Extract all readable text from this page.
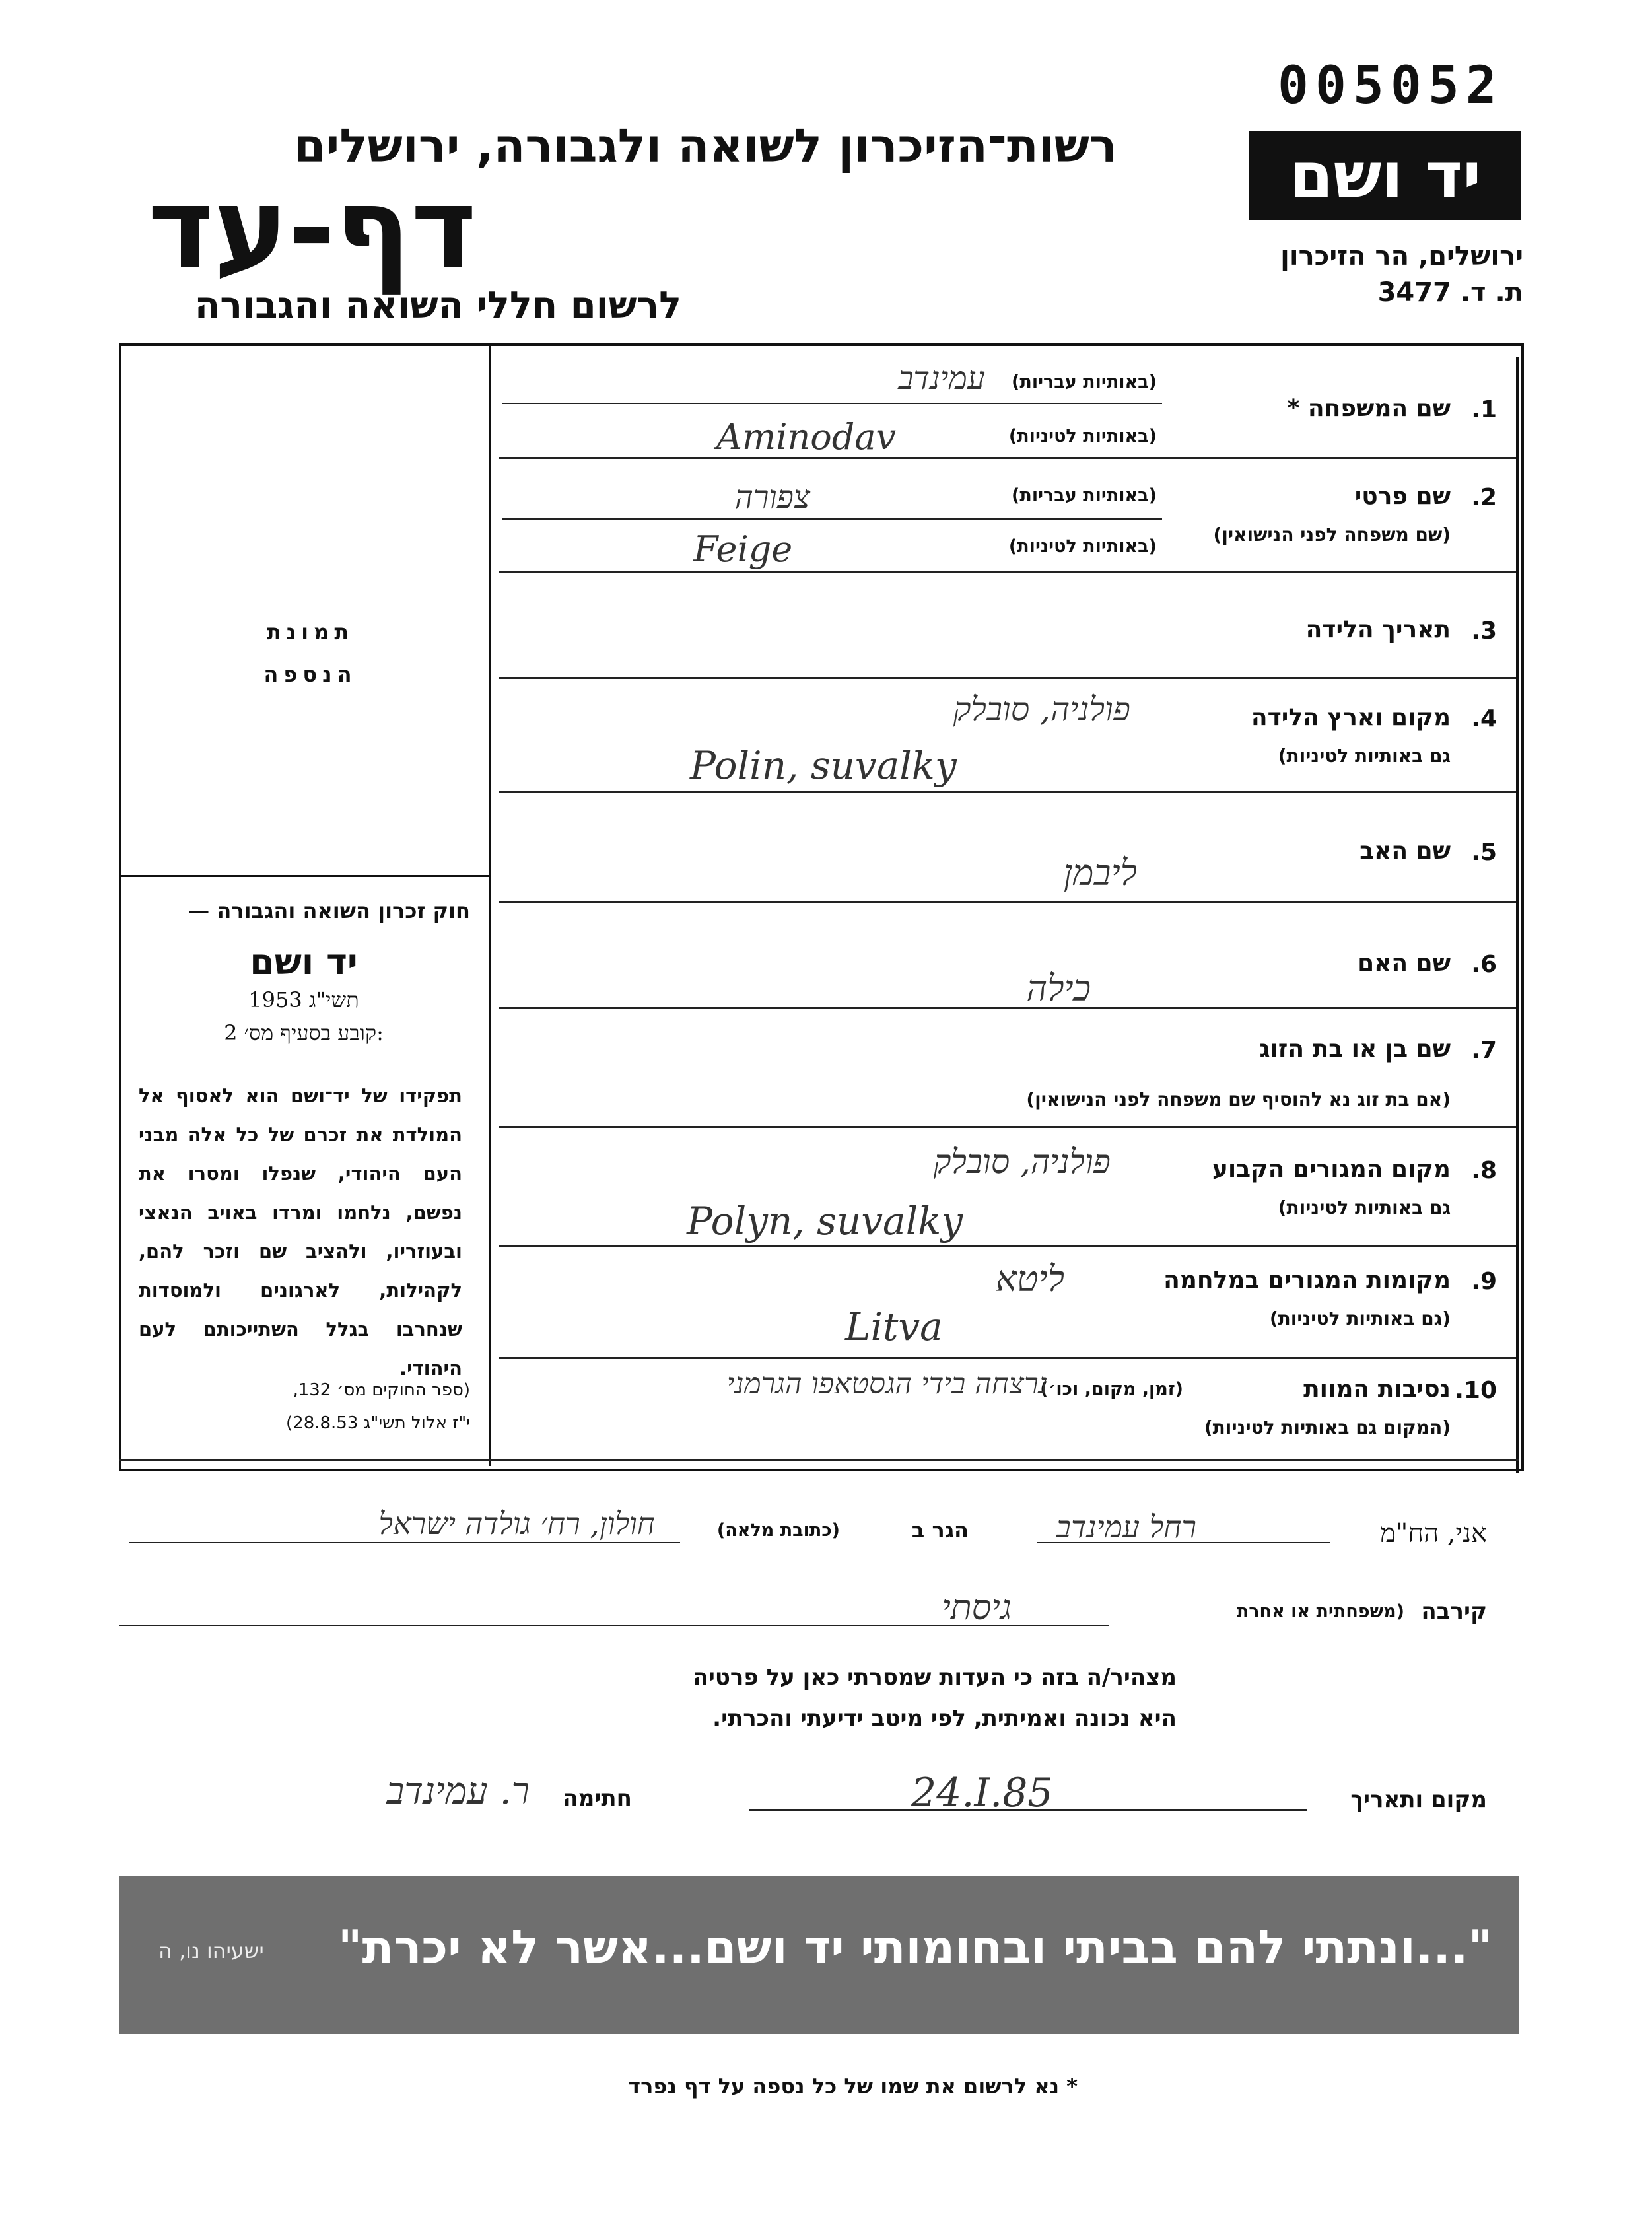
005052
רשות־הזיכרון לשואה ולגבורה, ירושלים
דף-עד
לרשום חללי השואה והגבורה
יד ושם
ירושלים, הר הזיכרון
ת. ד. 3477
תמונת
הנספה
חוק זכרון השואה והגבורה —
יד ושם
תשי"ג 1953
קובע בסעיף מס׳ 2:
תפקידו של יד־ושם הוא לאסוף אל המולדת את זכרם של כל אלה מבני העם היהודי, שנפלו ומסרו את נפשם, נלחמו ומרדו באויב הנאצי ובעוזריו, ולהציב שם וזכר להם, לקהילות, לארגונים ולמוסדות שנחרבו בגלל השתייכותם לעם היהודי.
(ספר החוקים מס׳ 132,
י"ז אלול תשי"ג 28.8.53)
1.
שם המשפחה *
(באותיות עבריות)
(באותיות לטיניות)
עמינדב
Aminodav
2.
שם פרטי
(שם משפחה לפני הנישואין)
(באותיות עבריות)
(באותיות לטיניות)
צפורה
Feige
3.
תאריך הלידה
4.
מקום וארץ הלידה
גם באותיות לטיניות)
פולניה, סובלק
Polin, suvalky
5.
שם האב
ליבמן
6.
שם האם
כילה
7.
שם בן או בת הזוג
(אם בת זוג נא להוסיף שם משפחה לפני הנישואין)
8.
מקום המגורים הקבוע
גם באותיות לטיניות)
פולניה, סובלק
Polyn, suvalky
9.
מקומות המגורים במלחמה
(גם באותיות לטיניות)
ליטא
Litva
10.
נסיבות המוות
(המקום גם באותיות לטיניות)
(זמן, מקום, וכו׳)
נרצחה בידי הגסטאפו הגרמני
אני, הח"מ
רחל עמינדב
הגר ב
(כתובת מלאה)
חולון, רח׳ גולדה ישראל
קירבה
(משפחתית או אחרת
גיסתי
מצהיר/ה בזה כי העדות שמסרתי כאן על פרטיה
היא נכונה ואמיתית, לפי מיטב ידיעתי והכרתי.
מקום ותאריך
24.I.85
חתימה
ר. עמינדב
"...ונתתי להם בביתי ובחומותי יד ושם...אשר לא יכרת"
ישעיהו נו, ה
* נא לרשום את שמו של כל נספה על דף נפרד
